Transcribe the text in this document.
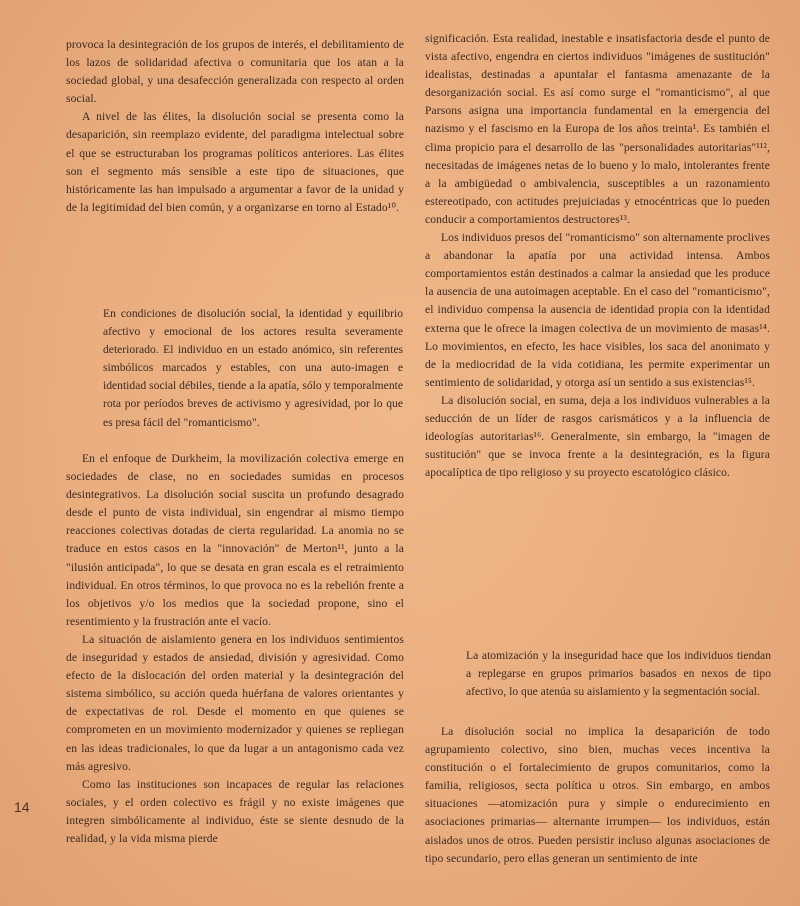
provoca la desintegración de los grupos de interés, el debilitamiento de los lazos de solidaridad afectiva o comunitaria que los atan a la sociedad global, y una desafección generalizada con respecto al orden social.

A nivel de las élites, la disolución social se presenta como la desaparición, sin reemplazo evidente, del paradigma intelectual sobre el que se estructuraban los programas políticos anteriores. Las élites son el segmento más sensible a este tipo de situaciones, que históricamente las han impulsado a argumentar a favor de la unidad y de la legitimidad del bien común, y a organizarse en torno al Estado¹⁰.

En condiciones de disolución social, la identidad y equilibrio afectivo y emocional de los actores resulta severamente deteriorado. El individuo en un estado anómico, sin referentes simbólicos marcados y estables, con una auto-imagen e identidad social débiles, tiende a la apatía, sólo y temporalmente rota por períodos breves de activismo y agresividad, por lo que es presa fácil del "romanticismo".

En el enfoque de Durkheim, la movilización colectiva emerge en sociedades de clase, no en sociedades sumidas en procesos desintegrativos. La disolución social suscita un profundo desagrado desde el punto de vista individual, sin engendrar al mismo tiempo reacciones colectivas dotadas de cierta regularidad. La anomia no se traduce en estos casos en la "innovación" de Merton¹¹, junto a la "ilusión anticipada", lo que se desata en gran escala es el retraimiento individual. En otros términos, lo que provoca no es la rebelión frente a los objetivos y/o los medios que la sociedad propone, sino el resentimiento y la frustración ante el vacío.

La situación de aislamiento genera en los individuos sentimientos de inseguridad y estados de ansiedad, división y agresividad. Como efecto de la dislocación del orden material y la desintegración del sistema simbólico, su acción queda huérfana de valores orientantes y de expectativas de rol. Desde el momento en que quienes se comprometen en un movimiento modernizador y quienes se repliegan en las ideas tradicionales, lo que da lugar a un antagonismo cada vez más agresivo.

Como las instituciones son incapaces de regular las relaciones sociales, y el orden colectivo es frágil y no existe imágenes que integren simbólicamente al individuo, éste se siente desnudo de la realidad, y la vida misma pierde

significación. Esta realidad, inestable e insatisfactoria desde el punto de vista afectivo, engendra en ciertos individuos "imágenes de sustitución" idealistas, destinadas a apuntalar el fantasma amenazante de la desorganización social. Es así como surge el "romanticismo", al que Parsons asigna una importancia fundamental en la emergencia del nazismo y el fascismo en la Europa de los años treinta¹. Es también el clima propicio para el desarrollo de las "personalidades autoritarias"¹¹², necesitadas de imágenes netas de lo bueno y lo malo, intolerantes frente a la ambigüedad o ambivalencia, susceptibles a un razonamiento estereotipado, con actitudes prejuiciadas y etnocéntricas que lo pueden conducir a comportamientos destructores¹³.

Los individuos presos del "romanticismo" son alternamente proclives a abandonar la apatía por una actividad intensa. Ambos comportamientos están destinados a calmar la ansiedad que les produce la ausencia de una autoimagen aceptable. En el caso del "romanticismo", el individuo compensa la ausencia de identidad propia con la identidad externa que le ofrece la imagen colectiva de un movimiento de masas¹⁴. Lo movimientos, en efecto, les hace visibles, los saca del anonimato y de la mediocridad de la vida cotidiana, les permite experimentar un sentimiento de solidaridad, y otorga así un sentido a sus existencias¹⁵.

La disolución social, en suma, deja a los individuos vulnerables a la seducción de un líder de rasgos carismáticos y a la influencia de ideologías autoritarias¹⁶. Generalmente, sin embargo, la "imagen de sustitución" que se invoca frente a la desintegración, es la figura apocalíptica de tipo religioso y su proyecto escatológico clásico.

La atomización y la inseguridad hace que los individuos tiendan a replegarse en grupos primarios basados en nexos de tipo afectivo, lo que atenúa su aislamiento y la segmentación social.

La disolución social no implica la desaparición de todo agrupamiento colectivo, sino bien, muchas veces incentiva la constitución o el fortalecimiento de grupos comunitarios, como la familia, religiosos, secta política u otros. Sin embargo, en ambos situaciones —atomización pura y simple o endurecimiento en asociaciones primarias— alternante irrumpen— los individuos, están aislados unos de otros. Pueden persistir incluso algunas asociaciones de tipo secundario, pero ellas generan un sentimiento de inte

14
